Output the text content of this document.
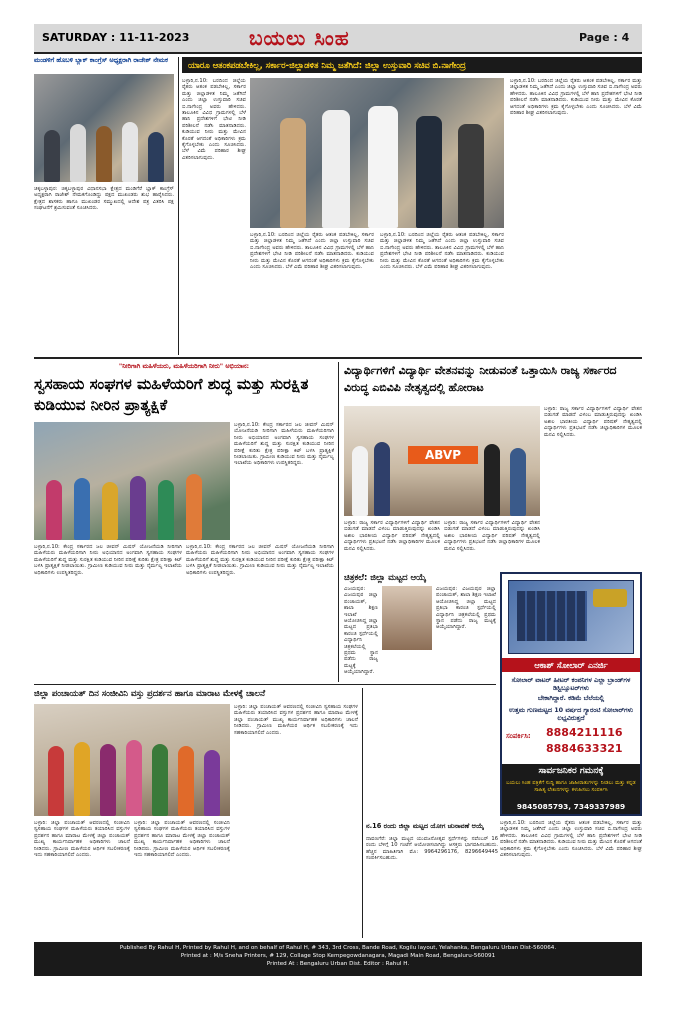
SATURDAY : 11-11-2023	ಬಯಲು ಸಿಂಹ	Page : 4
ಮಂಡಳಿಗೆ ಹೊಬಳಿ ಬ್ಲಾಕ್ ಕಾಂಗ್ರೆಸ್ ಅಧ್ಯಕ್ಷರಾಗಿ ರಾಜೇಶ್ ನೇಮಕ
ಚಿಕ್ಕಬಳ್ಳಾಪುರ: ಚಿಕ್ಕಬಳ್ಳಾಪುರ ವಿಧಾನಸಭಾ ಕ್ಷೇತ್ರದ ಮಂಡಿಗೆರೆ ಬ್ಲಾಕ್ ಕಾಂಗ್ರೆಸ್ ಅಧ್ಯಕ್ಷರಾಗಿ ರಾಜೇಶ್ ನೇಮಕಗೊಂಡಿದ್ದು ಪಕ್ಷದ ಮುಖಂಡರು ಶುಭ ಹಾರೈಸಿದರು. ಕ್ಷೇತ್ರದ ಶಾಸಕರು ಹಾಗೂ ಮುಖಂಡರ ಸಮ್ಮುಖದಲ್ಲಿ ಆದೇಶ ಪತ್ರ ವಿತರಿಸಿ ಪಕ್ಷ ಸಂಘಟನೆಗೆ ಶ್ರಮಿಸುವಂತೆ ಸೂಚಿಸಿದರು.
ಯಾರೂ ಆತಂಕಪಡಬೇಕಿಲ್ಲ, ಸರ್ಕಾರ-ಜಿಲ್ಲಾಡಳಿತ ನಿಮ್ಮ ಜತೆಗಿದೆ: ಜಿಲ್ಲಾ ಉಸ್ತುವಾರಿ ಸಚಿವ ಬಿ.ನಾಗೇಂದ್ರ
ಬಳ್ಳಾರಿ,ನ.10: ಬರದಿಂದ ಜಿಲ್ಲೆಯ ರೈತರು ಆತಂಕ ಪಡಬೇಕಿಲ್ಲ, ಸರ್ಕಾರ ಮತ್ತು ಜಿಲ್ಲಾಡಳಿತ ನಿಮ್ಮ ಜತೆಗಿದೆ ಎಂದು ಜಿಲ್ಲಾ ಉಸ್ತುವಾರಿ ಸಚಿವ ಬಿ.ನಾಗೇಂದ್ರ ಅವರು ಹೇಳಿದರು. ತಾಲೂಕಿನ ವಿವಿಧ ಗ್ರಾಮಗಳಲ್ಲಿ ಬೆಳೆ ಹಾನಿ ಪ್ರದೇಶಗಳಿಗೆ ಭೇಟಿ ನೀಡಿ ಪರಿಶೀಲನೆ ನಡೆಸಿ ಮಾತನಾಡಿದರು. ಕುಡಿಯುವ ನೀರು ಮತ್ತು ಮೇವಿನ ಕೊರತೆ ಆಗದಂತೆ ಅಧಿಕಾರಿಗಳು ಕ್ರಮ ಕೈಗೊಳ್ಳಬೇಕು ಎಂದು ಸೂಚಿಸಿದರು. ಬೆಳೆ ವಿಮೆ ಪರಿಹಾರ ಶೀಘ್ರ ವಿತರಿಸಲಾಗುವುದು.
ಬಳ್ಳಾರಿ,ನ.10: ಬರದಿಂದ ಜಿಲ್ಲೆಯ ರೈತರು ಆತಂಕ ಪಡಬೇಕಿಲ್ಲ, ಸರ್ಕಾರ ಮತ್ತು ಜಿಲ್ಲಾಡಳಿತ ನಿಮ್ಮ ಜತೆಗಿದೆ ಎಂದು ಜಿಲ್ಲಾ ಉಸ್ತುವಾರಿ ಸಚಿವ ಬಿ.ನಾಗೇಂದ್ರ ಅವರು ಹೇಳಿದರು. ತಾಲೂಕಿನ ವಿವಿಧ ಗ್ರಾಮಗಳಲ್ಲಿ ಬೆಳೆ ಹಾನಿ ಪ್ರದೇಶಗಳಿಗೆ ಭೇಟಿ ನೀಡಿ ಪರಿಶೀಲನೆ ನಡೆಸಿ ಮಾತನಾಡಿದರು. ಕುಡಿಯುವ ನೀರು ಮತ್ತು ಮೇವಿನ ಕೊರತೆ ಆಗದಂತೆ ಅಧಿಕಾರಿಗಳು ಕ್ರಮ ಕೈಗೊಳ್ಳಬೇಕು ಎಂದು ಸೂಚಿಸಿದರು. ಬೆಳೆ ವಿಮೆ ಪರಿಹಾರ ಶೀಘ್ರ ವಿತರಿಸಲಾಗುವುದು.
ಬಳ್ಳಾರಿ,ನ.10: ಬರದಿಂದ ಜಿಲ್ಲೆಯ ರೈತರು ಆತಂಕ ಪಡಬೇಕಿಲ್ಲ, ಸರ್ಕಾರ ಮತ್ತು ಜಿಲ್ಲಾಡಳಿತ ನಿಮ್ಮ ಜತೆಗಿದೆ ಎಂದು ಜಿಲ್ಲಾ ಉಸ್ತುವಾರಿ ಸಚಿವ ಬಿ.ನಾಗೇಂದ್ರ ಅವರು ಹೇಳಿದರು. ತಾಲೂಕಿನ ವಿವಿಧ ಗ್ರಾಮಗಳಲ್ಲಿ ಬೆಳೆ ಹಾನಿ ಪ್ರದೇಶಗಳಿಗೆ ಭೇಟಿ ನೀಡಿ ಪರಿಶೀಲನೆ ನಡೆಸಿ ಮಾತನಾಡಿದರು. ಕುಡಿಯುವ ನೀರು ಮತ್ತು ಮೇವಿನ ಕೊರತೆ ಆಗದಂತೆ ಅಧಿಕಾರಿಗಳು ಕ್ರಮ ಕೈಗೊಳ್ಳಬೇಕು ಎಂದು ಸೂಚಿಸಿದರು. ಬೆಳೆ ವಿಮೆ ಪರಿಹಾರ ಶೀಘ್ರ ವಿತರಿಸಲಾಗುವುದು.
ಬಳ್ಳಾರಿ,ನ.10: ಬರದಿಂದ ಜಿಲ್ಲೆಯ ರೈತರು ಆತಂಕ ಪಡಬೇಕಿಲ್ಲ, ಸರ್ಕಾರ ಮತ್ತು ಜಿಲ್ಲಾಡಳಿತ ನಿಮ್ಮ ಜತೆಗಿದೆ ಎಂದು ಜಿಲ್ಲಾ ಉಸ್ತುವಾರಿ ಸಚಿವ ಬಿ.ನಾಗೇಂದ್ರ ಅವರು ಹೇಳಿದರು. ತಾಲೂಕಿನ ವಿವಿಧ ಗ್ರಾಮಗಳಲ್ಲಿ ಬೆಳೆ ಹಾನಿ ಪ್ರದೇಶಗಳಿಗೆ ಭೇಟಿ ನೀಡಿ ಪರಿಶೀಲನೆ ನಡೆಸಿ ಮಾತನಾಡಿದರು. ಕುಡಿಯುವ ನೀರು ಮತ್ತು ಮೇವಿನ ಕೊರತೆ ಆಗದಂತೆ ಅಧಿಕಾರಿಗಳು ಕ್ರಮ ಕೈಗೊಳ್ಳಬೇಕು ಎಂದು ಸೂಚಿಸಿದರು. ಬೆಳೆ ವಿಮೆ ಪರಿಹಾರ ಶೀಘ್ರ ವಿತರಿಸಲಾಗುವುದು.
"ನೀರಿಗಾಗಿ ಮಹಿಳೆಯರು, ಮಹಿಳೆಯರಿಗಾಗಿ ನೀರು" ಅಭಿಯಾನ:
ಸ್ವಸಹಾಯ ಸಂಘಗಳ ಮಹಿಳೆಯರಿಗೆ ಶುದ್ಧ ಮತ್ತು ಸುರಕ್ಷಿತ ಕುಡಿಯುವ ನೀರಿನ ಪ್ರಾತ್ಯಕ್ಷಿಕೆ
ಬಳ್ಳಾರಿ,ನ.10: ಕೇಂದ್ರ ಸರ್ಕಾರದ ಜಲ ಜೀವನ್ ಮಿಷನ್ ಯೋಜನೆಯಡಿ ನೀರಿಗಾಗಿ ಮಹಿಳೆಯರು ಮಹಿಳೆಯರಿಗಾಗಿ ನೀರು ಅಭಿಯಾನದ ಅಂಗವಾಗಿ ಸ್ವಸಹಾಯ ಸಂಘಗಳ ಮಹಿಳೆಯರಿಗೆ ಶುದ್ಧ ಮತ್ತು ಸುರಕ್ಷಿತ ಕುಡಿಯುವ ನೀರಿನ ಪರೀಕ್ಷೆ ಕುರಿತು ಕ್ಷೇತ್ರ ಪರೀಕ್ಷಾ ಕಿಟ್ ಬಳಸಿ ಪ್ರಾತ್ಯಕ್ಷಿಕೆ ನೀಡಲಾಯಿತು. ಗ್ರಾಮೀಣ ಕುಡಿಯುವ ನೀರು ಮತ್ತು ನೈರ್ಮಲ್ಯ ಇಲಾಖೆಯ ಅಧಿಕಾರಿಗಳು ಉಪಸ್ಥಿತರಿದ್ದರು.
ಬಳ್ಳಾರಿ,ನ.10: ಕೇಂದ್ರ ಸರ್ಕಾರದ ಜಲ ಜೀವನ್ ಮಿಷನ್ ಯೋಜನೆಯಡಿ ನೀರಿಗಾಗಿ ಮಹಿಳೆಯರು ಮಹಿಳೆಯರಿಗಾಗಿ ನೀರು ಅಭಿಯಾನದ ಅಂಗವಾಗಿ ಸ್ವಸಹಾಯ ಸಂಘಗಳ ಮಹಿಳೆಯರಿಗೆ ಶುದ್ಧ ಮತ್ತು ಸುರಕ್ಷಿತ ಕುಡಿಯುವ ನೀರಿನ ಪರೀಕ್ಷೆ ಕುರಿತು ಕ್ಷೇತ್ರ ಪರೀಕ್ಷಾ ಕಿಟ್ ಬಳಸಿ ಪ್ರಾತ್ಯಕ್ಷಿಕೆ ನೀಡಲಾಯಿತು. ಗ್ರಾಮೀಣ ಕುಡಿಯುವ ನೀರು ಮತ್ತು ನೈರ್ಮಲ್ಯ ಇಲಾಖೆಯ ಅಧಿಕಾರಿಗಳು ಉಪಸ್ಥಿತರಿದ್ದರು.
ಬಳ್ಳಾರಿ,ನ.10: ಕೇಂದ್ರ ಸರ್ಕಾರದ ಜಲ ಜೀವನ್ ಮಿಷನ್ ಯೋಜನೆಯಡಿ ನೀರಿಗಾಗಿ ಮಹಿಳೆಯರು ಮಹಿಳೆಯರಿಗಾಗಿ ನೀರು ಅಭಿಯಾನದ ಅಂಗವಾಗಿ ಸ್ವಸಹಾಯ ಸಂಘಗಳ ಮಹಿಳೆಯರಿಗೆ ಶುದ್ಧ ಮತ್ತು ಸುರಕ್ಷಿತ ಕುಡಿಯುವ ನೀರಿನ ಪರೀಕ್ಷೆ ಕುರಿತು ಕ್ಷೇತ್ರ ಪರೀಕ್ಷಾ ಕಿಟ್ ಬಳಸಿ ಪ್ರಾತ್ಯಕ್ಷಿಕೆ ನೀಡಲಾಯಿತು. ಗ್ರಾಮೀಣ ಕುಡಿಯುವ ನೀರು ಮತ್ತು ನೈರ್ಮಲ್ಯ ಇಲಾಖೆಯ ಅಧಿಕಾರಿಗಳು ಉಪಸ್ಥಿತರಿದ್ದರು.
ವಿದ್ಯಾರ್ಥಿಗಳಿಗೆ ವಿದ್ಯಾರ್ಥಿ ವೇತನವನ್ನು ನೀಡುವಂತೆ ಒತ್ತಾಯಿಸಿ ರಾಜ್ಯ ಸರ್ಕಾರದ ವಿರುದ್ಧ ಎಬಿವಿಪಿ ನೇತೃತ್ವದಲ್ಲಿ ಹೋರಾಟ
ABVP
ಬಳ್ಳಾರಿ: ರಾಜ್ಯ ಸರ್ಕಾರ ವಿದ್ಯಾರ್ಥಿಗಳಿಗೆ ವಿದ್ಯಾರ್ಥಿ ವೇತನ ಬಿಡುಗಡೆ ಮಾಡದೆ ವಿಳಂಬ ಮಾಡುತ್ತಿರುವುದನ್ನು ಖಂಡಿಸಿ ಅಖಿಲ ಭಾರತೀಯ ವಿದ್ಯಾರ್ಥಿ ಪರಿಷತ್ ನೇತೃತ್ವದಲ್ಲಿ ವಿದ್ಯಾರ್ಥಿಗಳು ಪ್ರತಿಭಟನೆ ನಡೆಸಿ ಜಿಲ್ಲಾಧಿಕಾರಿಗಳ ಮೂಲಕ ಮನವಿ ಸಲ್ಲಿಸಿದರು.
ಬಳ್ಳಾರಿ: ರಾಜ್ಯ ಸರ್ಕಾರ ವಿದ್ಯಾರ್ಥಿಗಳಿಗೆ ವಿದ್ಯಾರ್ಥಿ ವೇತನ ಬಿಡುಗಡೆ ಮಾಡದೆ ವಿಳಂಬ ಮಾಡುತ್ತಿರುವುದನ್ನು ಖಂಡಿಸಿ ಅಖಿಲ ಭಾರತೀಯ ವಿದ್ಯಾರ್ಥಿ ಪರಿಷತ್ ನೇತೃತ್ವದಲ್ಲಿ ವಿದ್ಯಾರ್ಥಿಗಳು ಪ್ರತಿಭಟನೆ ನಡೆಸಿ ಜಿಲ್ಲಾಧಿಕಾರಿಗಳ ಮೂಲಕ ಮನವಿ ಸಲ್ಲಿಸಿದರು.
ಬಳ್ಳಾರಿ: ರಾಜ್ಯ ಸರ್ಕಾರ ವಿದ್ಯಾರ್ಥಿಗಳಿಗೆ ವಿದ್ಯಾರ್ಥಿ ವೇತನ ಬಿಡುಗಡೆ ಮಾಡದೆ ವಿಳಂಬ ಮಾಡುತ್ತಿರುವುದನ್ನು ಖಂಡಿಸಿ ಅಖಿಲ ಭಾರತೀಯ ವಿದ್ಯಾರ್ಥಿ ಪರಿಷತ್ ನೇತೃತ್ವದಲ್ಲಿ ವಿದ್ಯಾರ್ಥಿಗಳು ಪ್ರತಿಭಟನೆ ನಡೆಸಿ ಜಿಲ್ಲಾಧಿಕಾರಿಗಳ ಮೂಲಕ ಮನವಿ ಸಲ್ಲಿಸಿದರು.
ಚಿತ್ರಕಲೆ: ಜಿಲ್ಲಾ ಮಟ್ಟದ ಆಯ್ಕೆ
ವಿಜಯಪುರ: ವಿಜಯಪುರ ಜಿಲ್ಲಾ ಪಂಚಾಯತ್, ಶಾಲಾ ಶಿಕ್ಷಣ ಇಲಾಖೆ ಆಯೋಜಿಸಿದ್ದ ಜಿಲ್ಲಾ ಮಟ್ಟದ ಪ್ರತಿಭಾ ಕಾರಂಜಿ ಸ್ಪರ್ಧೆಯಲ್ಲಿ ವಿದ್ಯಾರ್ಥಿನಿ ಚಿತ್ರಕಲೆಯಲ್ಲಿ ಪ್ರಥಮ ಸ್ಥಾನ ಪಡೆದು ರಾಜ್ಯ ಮಟ್ಟಕ್ಕೆ ಆಯ್ಕೆಯಾಗಿದ್ದಾರೆ.
ವಿಜಯಪುರ: ವಿಜಯಪುರ ಜಿಲ್ಲಾ ಪಂಚಾಯತ್, ಶಾಲಾ ಶಿಕ್ಷಣ ಇಲಾಖೆ ಆಯೋಜಿಸಿದ್ದ ಜಿಲ್ಲಾ ಮಟ್ಟದ ಪ್ರತಿಭಾ ಕಾರಂಜಿ ಸ್ಪರ್ಧೆಯಲ್ಲಿ ವಿದ್ಯಾರ್ಥಿನಿ ಚಿತ್ರಕಲೆಯಲ್ಲಿ ಪ್ರಥಮ ಸ್ಥಾನ ಪಡೆದು ರಾಜ್ಯ ಮಟ್ಟಕ್ಕೆ ಆಯ್ಕೆಯಾಗಿದ್ದಾರೆ.
ಆಕಾಶ್ ಸೋಲಾರ್ ಎನರ್ಜಿ
ಸೋಲಾರ್ ವಾಟರ್ ಹೀಟರ್ ಕಂಪನಿಗಳ ಎಲ್ಲಾ ಬ್ರಾಂಡ್‌ಗಳ ಡಿಸ್ಟ್ರಿಬ್ಯೂಟರ್‌ಗಳು
ಬೇಕಾಗಿದ್ದಾರೆ. ಕಡಿಮೆ ಬೆಲೆಯಲ್ಲಿ
ಉತ್ತಮ ಗುಣಮಟ್ಟದ 10 ವರ್ಷದ ಗ್ಯಾರಂಟಿ ಸೋಲಾರ್‌ಗಳು ಲಭ್ಯವಿರುತ್ತದೆ
ಸಂಪರ್ಕಿಸಿ:	8884211116
8884633321
ಸಾರ್ವಜನಿಕರ ಗಮನಕ್ಕೆ
ಬಯಲು ಸಿಂಹ ಪತ್ರಿಕೆಗೆ ಸುದ್ದಿ ಹಾಗೂ ಜಾಹೀರಾತುಗಳನ್ನು ನೀಡಲು ಮತ್ತು ಕನ್ನಡ ಸಾಹಿತ್ಯ ಲೇಖನಗಳನ್ನು ಕಳುಹಿಸಲು ಸಂಪರ್ಕಿಸಿ
9845085793, 7349337989
ಜಿಲ್ಲಾ ಪಂಚಾಯತ್ ದಿನ ಸಂಜೀವಿನಿ ವಸ್ತು ಪ್ರದರ್ಶನ ಹಾಗೂ ಮಾರಾಟ ಮೇಳಕ್ಕೆ ಚಾಲನೆ
ಬಳ್ಳಾರಿ: ಜಿಲ್ಲಾ ಪಂಚಾಯತ್ ಆವರಣದಲ್ಲಿ ಸಂಜೀವಿನಿ ಸ್ವಸಹಾಯ ಸಂಘಗಳ ಮಹಿಳೆಯರು ತಯಾರಿಸಿದ ವಸ್ತುಗಳ ಪ್ರದರ್ಶನ ಹಾಗೂ ಮಾರಾಟ ಮೇಳಕ್ಕೆ ಜಿಲ್ಲಾ ಪಂಚಾಯತ್ ಮುಖ್ಯ ಕಾರ್ಯನಿರ್ವಾಹಕ ಅಧಿಕಾರಿಗಳು ಚಾಲನೆ ನೀಡಿದರು. ಗ್ರಾಮೀಣ ಮಹಿಳೆಯರ ಆರ್ಥಿಕ ಸಬಲೀಕರಣಕ್ಕೆ ಇದು ಸಹಕಾರಿಯಾಗಲಿದೆ ಎಂದರು.
ಬಳ್ಳಾರಿ: ಜಿಲ್ಲಾ ಪಂಚಾಯತ್ ಆವರಣದಲ್ಲಿ ಸಂಜೀವಿನಿ ಸ್ವಸಹಾಯ ಸಂಘಗಳ ಮಹಿಳೆಯರು ತಯಾರಿಸಿದ ವಸ್ತುಗಳ ಪ್ರದರ್ಶನ ಹಾಗೂ ಮಾರಾಟ ಮೇಳಕ್ಕೆ ಜಿಲ್ಲಾ ಪಂಚಾಯತ್ ಮುಖ್ಯ ಕಾರ್ಯನಿರ್ವಾಹಕ ಅಧಿಕಾರಿಗಳು ಚಾಲನೆ ನೀಡಿದರು. ಗ್ರಾಮೀಣ ಮಹಿಳೆಯರ ಆರ್ಥಿಕ ಸಬಲೀಕರಣಕ್ಕೆ ಇದು ಸಹಕಾರಿಯಾಗಲಿದೆ ಎಂದರು.
ಬಳ್ಳಾರಿ: ಜಿಲ್ಲಾ ಪಂಚಾಯತ್ ಆವರಣದಲ್ಲಿ ಸಂಜೀವಿನಿ ಸ್ವಸಹಾಯ ಸಂಘಗಳ ಮಹಿಳೆಯರು ತಯಾರಿಸಿದ ವಸ್ತುಗಳ ಪ್ರದರ್ಶನ ಹಾಗೂ ಮಾರಾಟ ಮೇಳಕ್ಕೆ ಜಿಲ್ಲಾ ಪಂಚಾಯತ್ ಮುಖ್ಯ ಕಾರ್ಯನಿರ್ವಾಹಕ ಅಧಿಕಾರಿಗಳು ಚಾಲನೆ ನೀಡಿದರು. ಗ್ರಾಮೀಣ ಮಹಿಳೆಯರ ಆರ್ಥಿಕ ಸಬಲೀಕರಣಕ್ಕೆ ಇದು ಸಹಕಾರಿಯಾಗಲಿದೆ ಎಂದರು.
ನ.16 ರಂದು ಜಿಲ್ಲಾ ಮಟ್ಟದ ಯೋಗ ಚುನಾವಣೆ ಆಯ್ಕೆ
ದಾವಣಗೆರೆ: ಜಿಲ್ಲಾ ಮಟ್ಟದ ಯುವಜನೋತ್ಸವ ಸ್ಪರ್ಧೆಗಳನ್ನು ನವೆಂಬರ್ 16 ರಂದು ಬೆಳಿಗ್ಗೆ 10 ಗಂಟೆಗೆ ಆಯೋಜಿಸಲಾಗಿದ್ದು ಆಸಕ್ತರು ಭಾಗವಹಿಸಬಹುದು. ಹೆಚ್ಚಿನ ಮಾಹಿತಿಗಾಗಿ ಮೊ: 9964296176, 8296649445 ಸಂಪರ್ಕಿಸಬಹುದು.
ಬಳ್ಳಾರಿ,ನ.10: ಬರದಿಂದ ಜಿಲ್ಲೆಯ ರೈತರು ಆತಂಕ ಪಡಬೇಕಿಲ್ಲ, ಸರ್ಕಾರ ಮತ್ತು ಜಿಲ್ಲಾಡಳಿತ ನಿಮ್ಮ ಜತೆಗಿದೆ ಎಂದು ಜಿಲ್ಲಾ ಉಸ್ತುವಾರಿ ಸಚಿವ ಬಿ.ನಾಗೇಂದ್ರ ಅವರು ಹೇಳಿದರು. ತಾಲೂಕಿನ ವಿವಿಧ ಗ್ರಾಮಗಳಲ್ಲಿ ಬೆಳೆ ಹಾನಿ ಪ್ರದೇಶಗಳಿಗೆ ಭೇಟಿ ನೀಡಿ ಪರಿಶೀಲನೆ ನಡೆಸಿ ಮಾತನಾಡಿದರು. ಕುಡಿಯುವ ನೀರು ಮತ್ತು ಮೇವಿನ ಕೊರತೆ ಆಗದಂತೆ ಅಧಿಕಾರಿಗಳು ಕ್ರಮ ಕೈಗೊಳ್ಳಬೇಕು ಎಂದು ಸೂಚಿಸಿದರು. ಬೆಳೆ ವಿಮೆ ಪರಿಹಾರ ಶೀಘ್ರ ವಿತರಿಸಲಾಗುವುದು.
Published By Rahul H, Printed by Rahul H, and on behalf of Rahul H, # 343, 3rd Cross, Bande Road, Kogilu layout, Yelahanka, Bengaluru Urban Dist-560064.
Printed at : M/s Sneha Printers, # 129, Collage Stop Kempegowdanagara, Magadi Main Road, Bengaluru-560091
Printed At : Bengaluru Urban Dist. Editor : Rahul H.
